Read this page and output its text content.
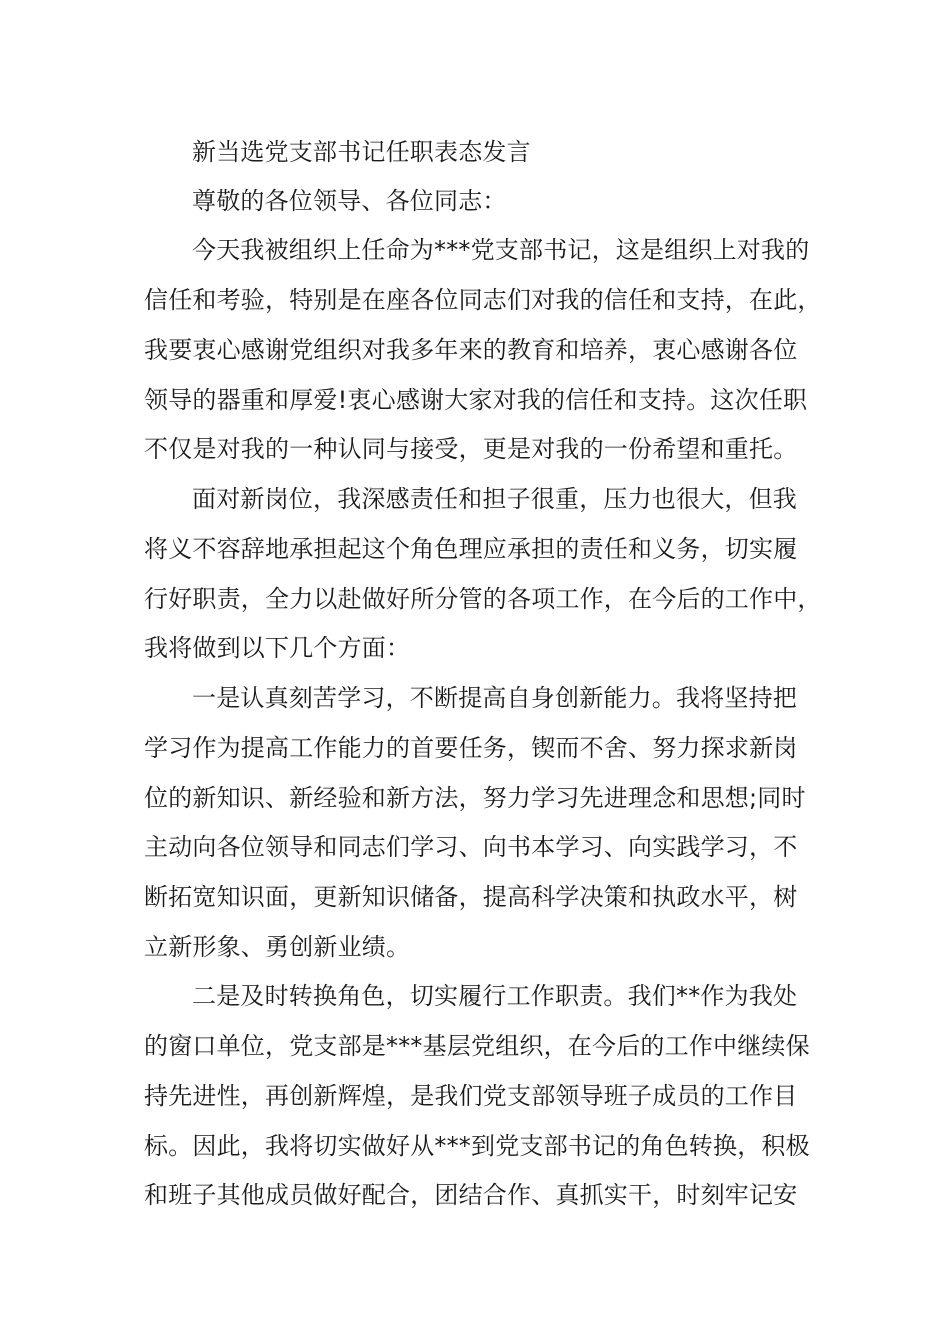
新当选党支部书记任职表态发言
尊敬的各位领导、各位同志：
今天我被组织上任命为***党支部书记，这是组织上对我的
信任和考验，特别是在座各位同志们对我的信任和支持，在此，
我要衷心感谢党组织对我多年来的教育和培养，衷心感谢各位
领导的器重和厚爱!衷心感谢大家对我的信任和支持。这次任职
不仅是对我的一种认同与接受，更是对我的一份希望和重托。
面对新岗位，我深感责任和担子很重，压力也很大，但我
将义不容辞地承担起这个角色理应承担的责任和义务，切实履
行好职责，全力以赴做好所分管的各项工作，在今后的工作中，
我将做到以下几个方面：
一是认真刻苦学习，不断提高自身创新能力。我将坚持把
学习作为提高工作能力的首要任务，锲而不舍、努力探求新岗
位的新知识、新经验和新方法，努力学习先进理念和思想;同时
主动向各位领导和同志们学习、向书本学习、向实践学习，不
断拓宽知识面，更新知识储备，提高科学决策和执政水平，树
立新形象、勇创新业绩。
二是及时转换角色，切实履行工作职责。我们**作为我处
的窗口单位，党支部是***基层党组织，在今后的工作中继续保
持先进性，再创新辉煌，是我们党支部领导班子成员的工作目
标。因此，我将切实做好从***到党支部书记的角色转换，积极
和班子其他成员做好配合，团结合作、真抓实干，时刻牢记安
